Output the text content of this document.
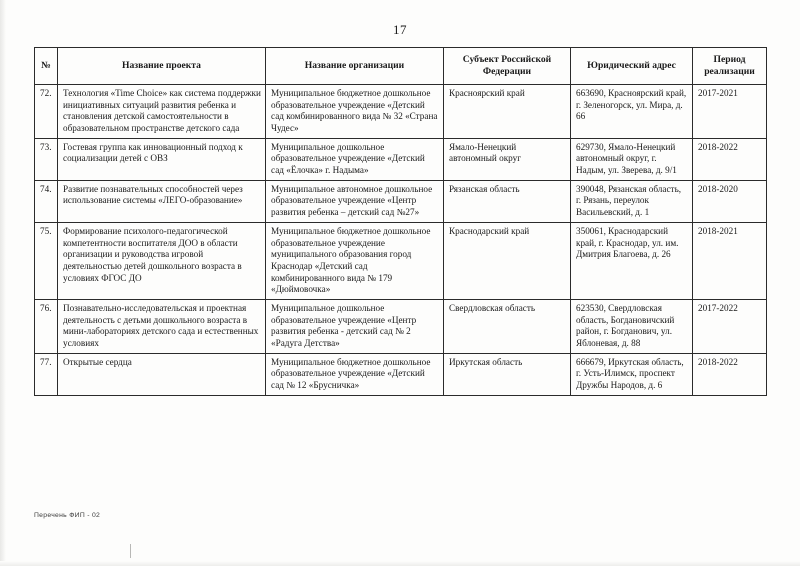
17
№	Название проекта	Название организации	Субъект Российской Федерации	Юридический адрес	Период реализации
72.	Технология «Time Choice» как система поддержки инициативных ситуаций развития ребенка и становления детской самостоятельности в образовательном пространстве детского сада	Муниципальное бюджетное дошкольное образовательное учреждение «Детский сад комбинированного вида № 32 «Страна Чудес»	Красноярский край	663690, Красноярский край, г. Зеленогорск, ул. Мира, д. 66	2017-2021
73.	Гостевая группа как инновационный подход к социализации детей с ОВЗ	Муниципальное дошкольное образовательное учреждение «Детский сад «Ёлочка» г. Надыма»	Ямало-Ненецкий автономный округ	629730, Ямало-Ненецкий автономный округ, г. Надым, ул. Зверева, д. 9/1	2018-2022
74.	Развитие познавательных способностей через использование системы «ЛЕГО-образование»	Муниципальное автономное дошкольное образовательное учреждение «Центр развития ребенка – детский сад №27»	Рязанская область	390048, Рязанская область, г. Рязань, переулок Васильевский, д. 1	2018-2020
75.	Формирование психолого-педагогической компетентности воспитателя ДОО в области организации и руководства игровой деятельностью детей дошкольного возраста в условиях ФГОС ДО	Муниципальное бюджетное дошкольное образовательное учреждение муниципального образования город Краснодар «Детский сад комбинированного вида № 179 «Дюймовочка»	Краснодарский край	350061, Краснодарский край, г. Краснодар, ул. им. Дмитрия Благоева, д. 26	2018-2021
76.	Познавательно-исследовательская и проектная деятельность с детьми дошкольного возраста в мини-лабораториях детского сада и естественных условиях	Муниципальное дошкольное образовательное учреждение «Центр развития ребенка - детский сад № 2 «Радуга Детства»	Свердловская область	623530, Свердловская область, Богдановичский район, г. Богданович, ул. Яблоневая, д. 88	2017-2022
77.	Открытые сердца	Муниципальное бюджетное дошкольное образовательное учреждение «Детский сад № 12 «Брусничка»	Иркутская область	666679, Иркутская область, г. Усть-Илимск, проспект Дружбы Народов, д. 6	2018-2022
Перечень ФИП - 02
